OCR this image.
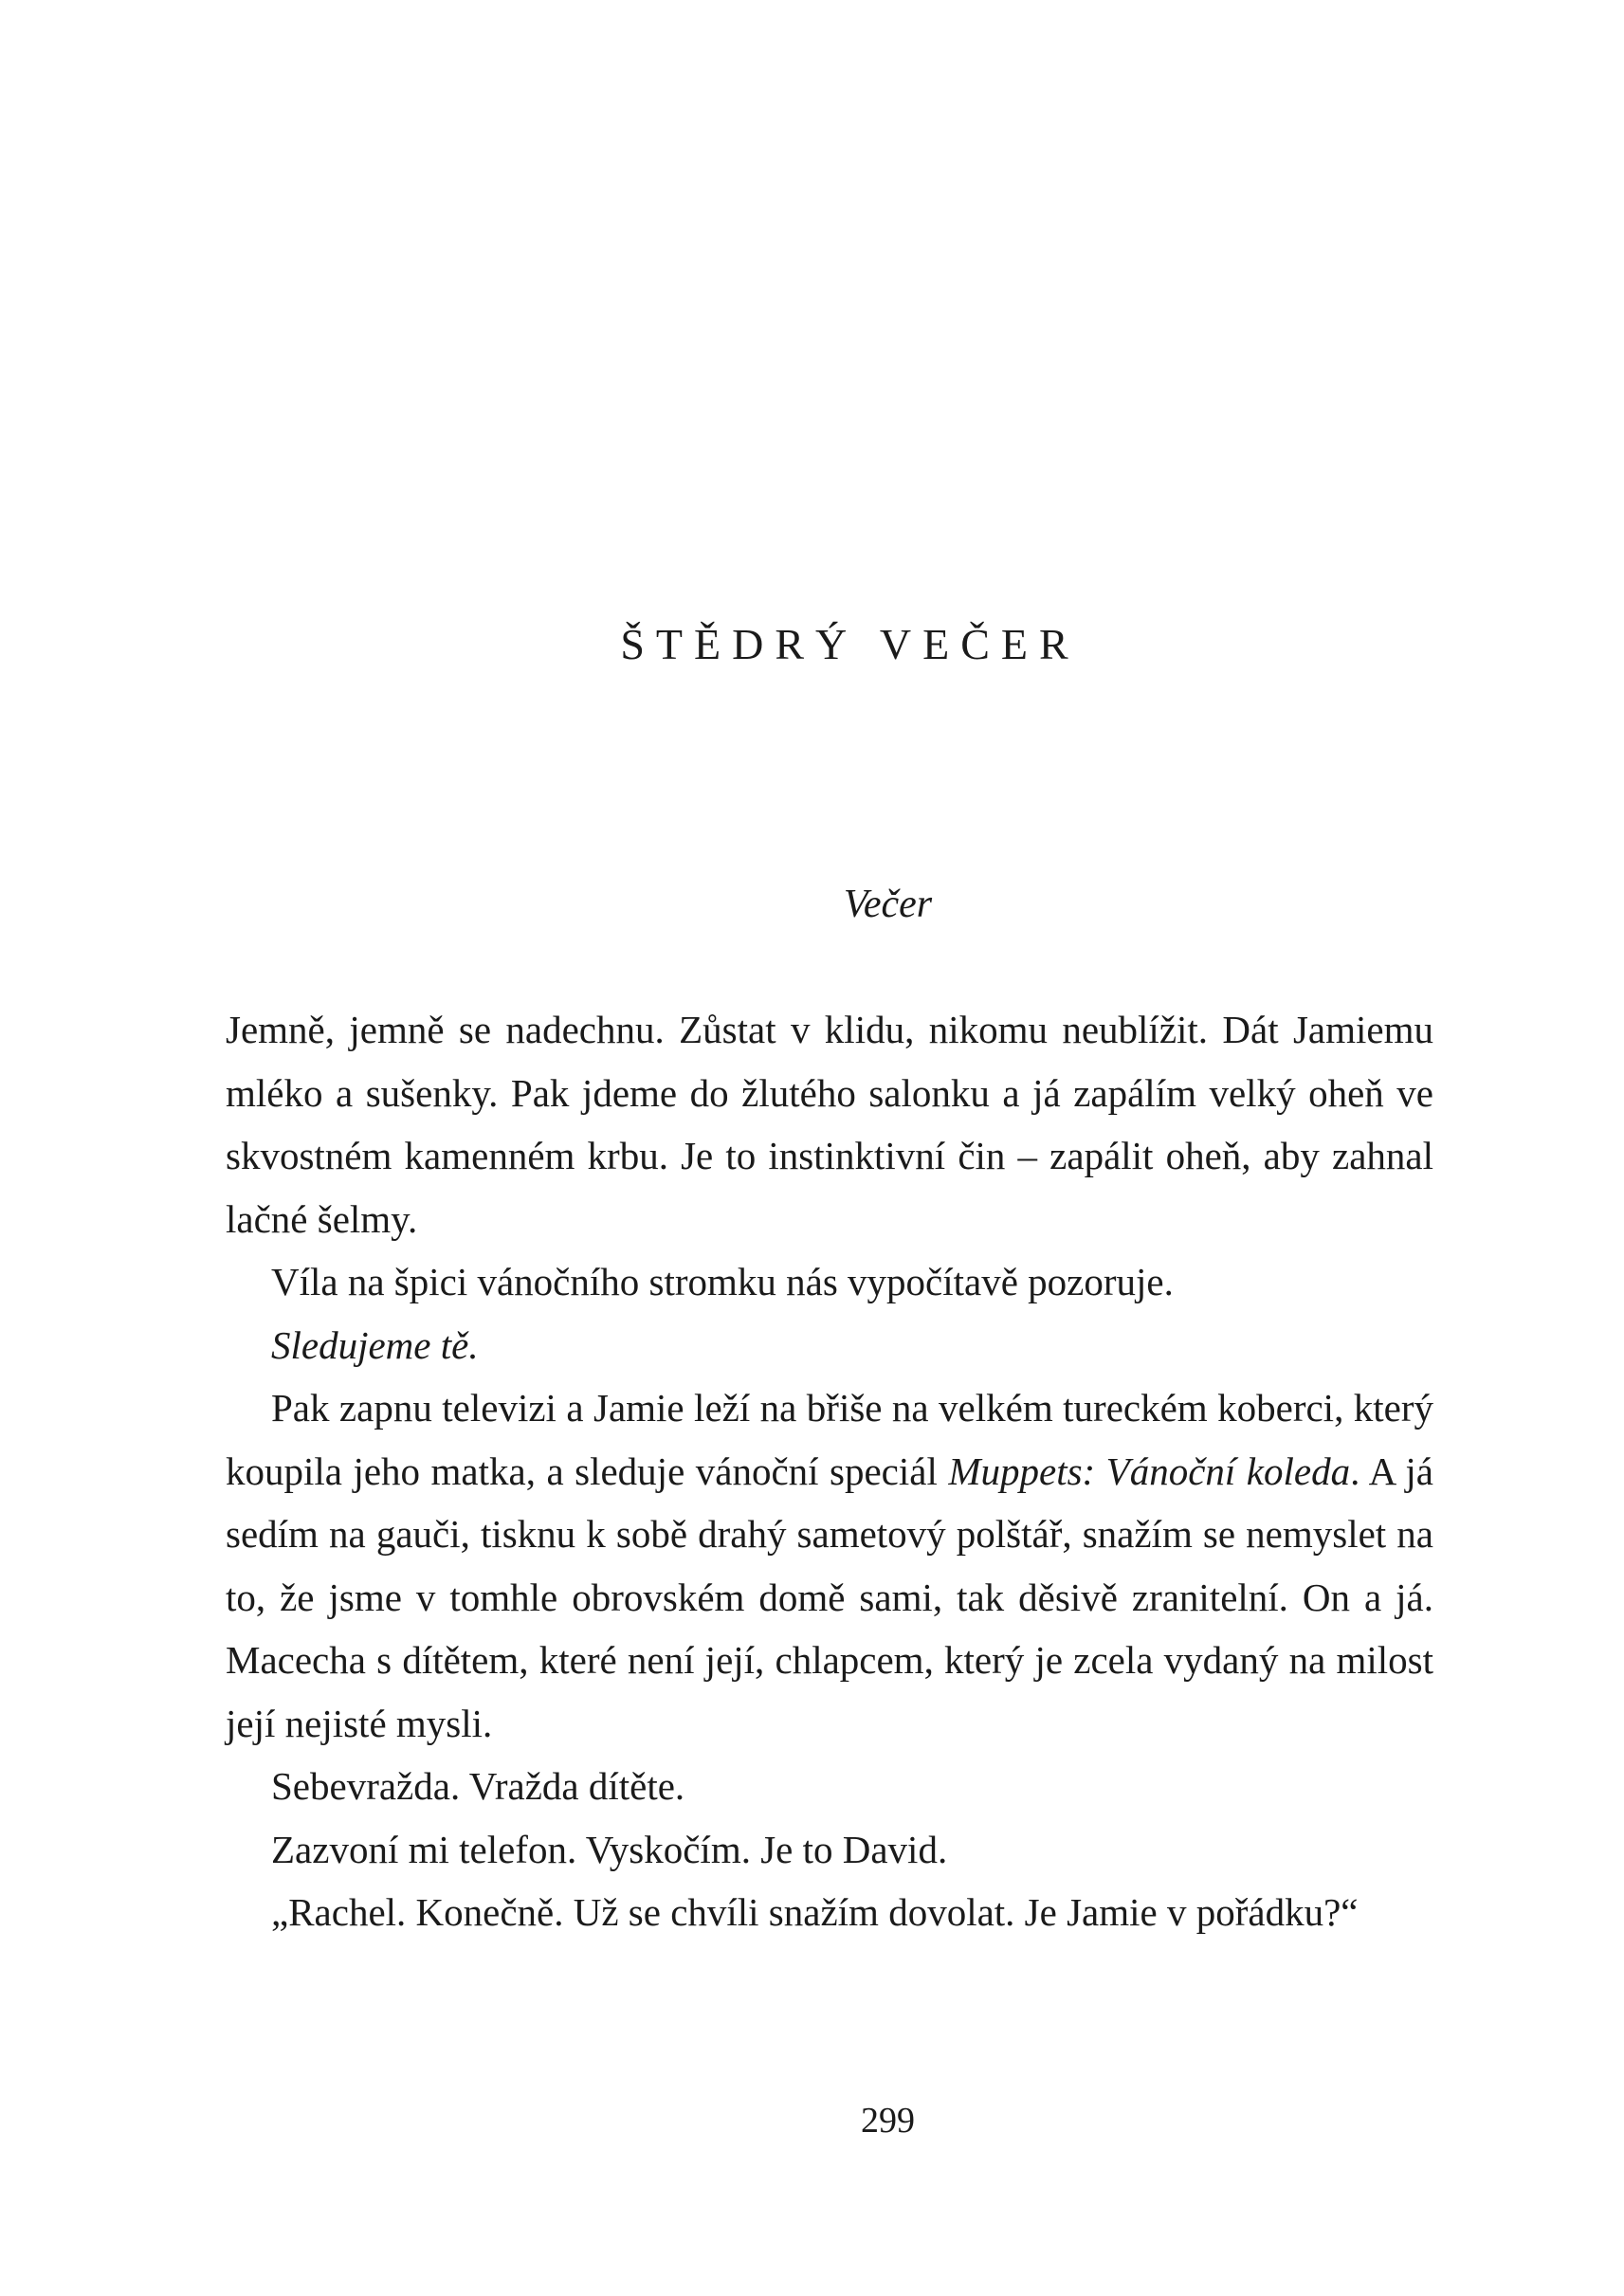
ŠTĚDRÝ VEČER
Večer

Jemně, jemně se nadechnu. Zůstat v klidu, nikomu neublížit. Dát Jamiemu mléko a sušenky. Pak jdeme do žlutého salonku a já zapálím velký oheň ve skvostném kamenném krbu. Je to instinktivní čin – zapálit oheň, aby zahnal lačné šelmy.

Víla na špici vánočního stromku nás vypočítavě pozoruje.

Sledujeme tě.

Pak zapnu televizi a Jamie leží na břiše na velkém tureckém koberci, který koupila jeho matka, a sleduje vánoční speciál Muppets: Vánoční koleda. A já sedím na gauči, tisknu k sobě drahý sametový polštář, snažím se nemyslet na to, že jsme v tomhle obrovském domě sami, tak děsivě zranitelní. On a já. Macecha s dítětem, které není její, chlapcem, který je zcela vydaný na milost její nejisté mysli.

Sebevražda. Vražda dítěte.

Zazvoní mi telefon. Vyskočím. Je to David.

„Rachel. Konečně. Už se chvíli snažím dovolat. Je Jamie v pořádku?“

299
